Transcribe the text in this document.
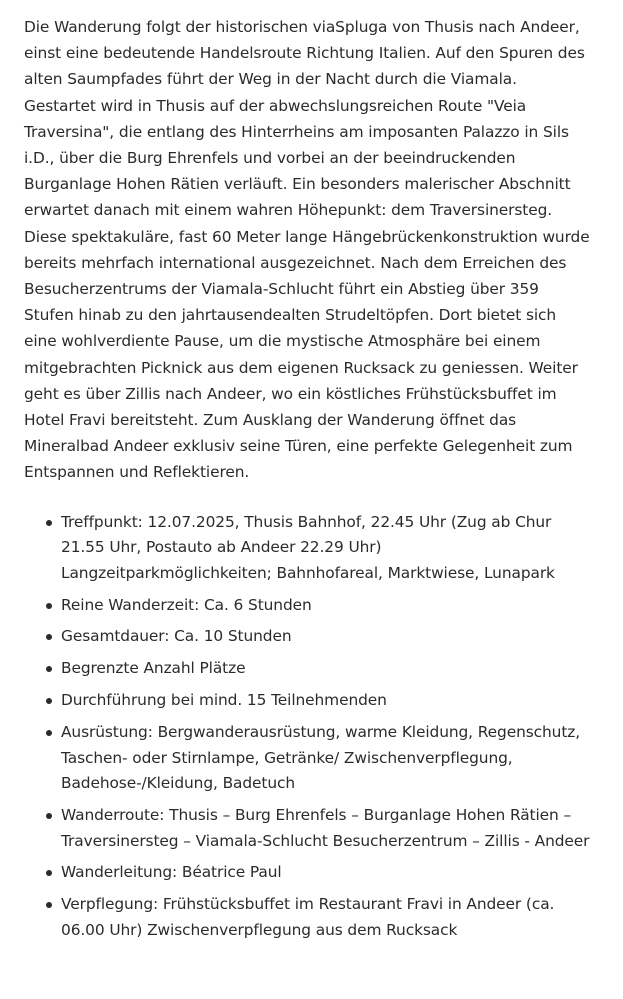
Die Wanderung folgt der historischen viaSpluga von Thusis nach Andeer, einst eine bedeutende Handelsroute Richtung Italien. Auf den Spuren des alten Saumpfades führt der Weg in der Nacht durch die Viamala. Gestartet wird in Thusis auf der abwechslungsreichen Route "Veia Traversina", die entlang des Hinterrheins am imposanten Palazzo in Sils i.D., über die Burg Ehrenfels und vorbei an der beeindruckenden Burganlage Hohen Rätien verläuft. Ein besonders malerischer Abschnitt erwartet danach mit einem wahren Höhepunkt: dem Traversinersteg. Diese spektakuläre, fast 60 Meter lange Hängebrückenkonstruktion wurde bereits mehrfach international ausgezeichnet. Nach dem Erreichen des Besucherzentrums der Viamala-Schlucht führt ein Abstieg über 359 Stufen hinab zu den jahrtausendealten Strudeltöpfen. Dort bietet sich eine wohlverdiente Pause, um die mystische Atmosphäre bei einem mitgebrachten Picknick aus dem eigenen Rucksack zu geniessen. Weiter geht es über Zillis nach Andeer, wo ein köstliches Frühstücksbuffet im Hotel Fravi bereitsteht. Zum Ausklang der Wanderung öffnet das Mineralbad Andeer exklusiv seine Türen, eine perfekte Gelegenheit zum Entspannen und Reflektieren.

Treffpunkt: 12.07.2025, Thusis Bahnhof, 22.45 Uhr (Zug ab Chur 21.55 Uhr, Postauto ab Andeer 22.29 Uhr)
Langzeitparkmöglichkeiten; Bahnhofareal, Marktwiese, Lunapark
Reine Wanderzeit: Ca. 6 Stunden
Gesamtdauer: Ca. 10 Stunden
Begrenzte Anzahl Plätze
Durchführung bei mind. 15 Teilnehmenden
Ausrüstung: Bergwanderausrüstung, warme Kleidung, Regenschutz, Taschen- oder Stirnlampe, Getränke/ Zwischenverpflegung, Badehose-/Kleidung, Badetuch
Wanderroute: Thusis – Burg Ehrenfels – Burganlage Hohen Rätien – Traversinersteg – Viamala-Schlucht Besucherzentrum – Zillis - Andeer
Wanderleitung: Béatrice Paul
Verpflegung: Frühstücksbuffet im Restaurant Fravi in Andeer (ca. 06.00 Uhr) Zwischenverpflegung aus dem Rucksack
